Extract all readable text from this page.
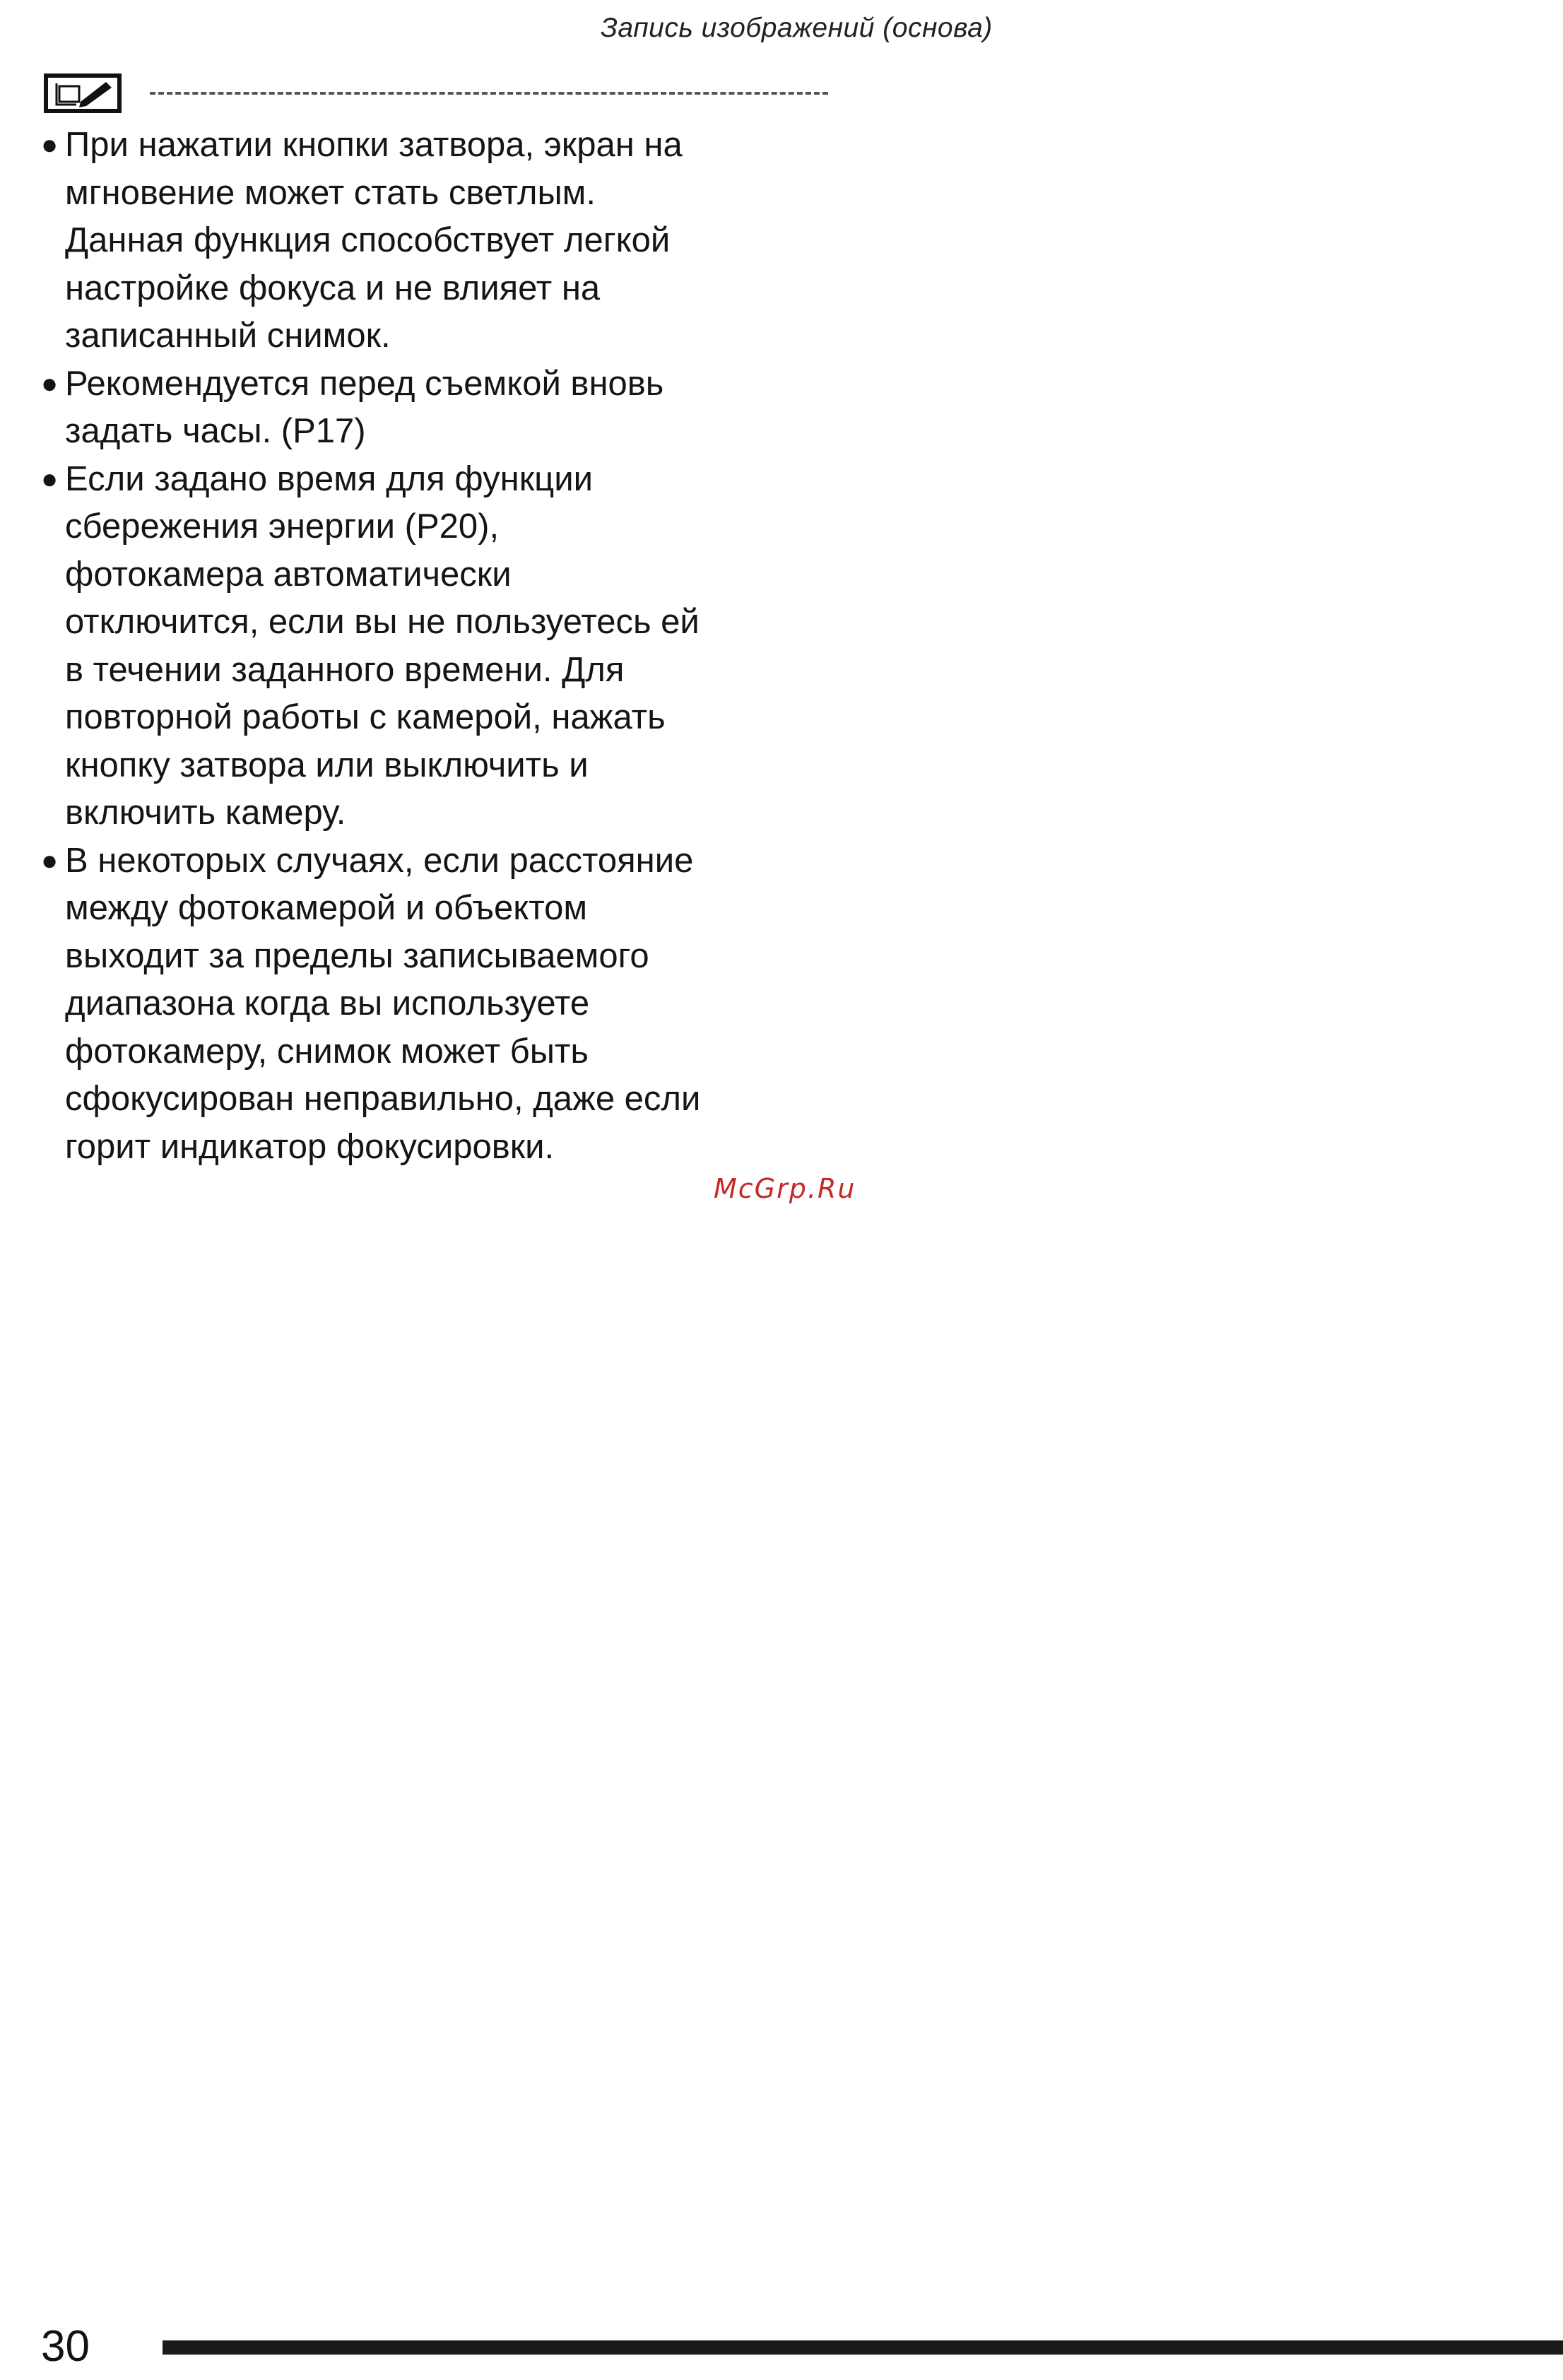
Запись изображений (основа)
● При нажатии кнопки затвора, экран на
мгновение может стать светлым.
Данная функция способствует легкой
настройке фокуса и не влияет на
записанный снимок.
● Рекомендуется перед съемкой вновь
задать часы. (P17)
● Если задано время для функции
сбережения энергии (P20),
фотокамера автоматически
отключится, если вы не пользуетесь ей
в течении заданного времени. Для
повторной работы с камерой, нажать
кнопку затвора или выключить и
включить камеру.
● В некоторых случаях, если расстояние
между фотокамерой и объектом
выходит за пределы записываемого
диапазона когда вы используете
фотокамеру, снимок может быть
сфокусирован неправильно, даже если
горит индикатор фокусировки.
McGrp.Ru
30
